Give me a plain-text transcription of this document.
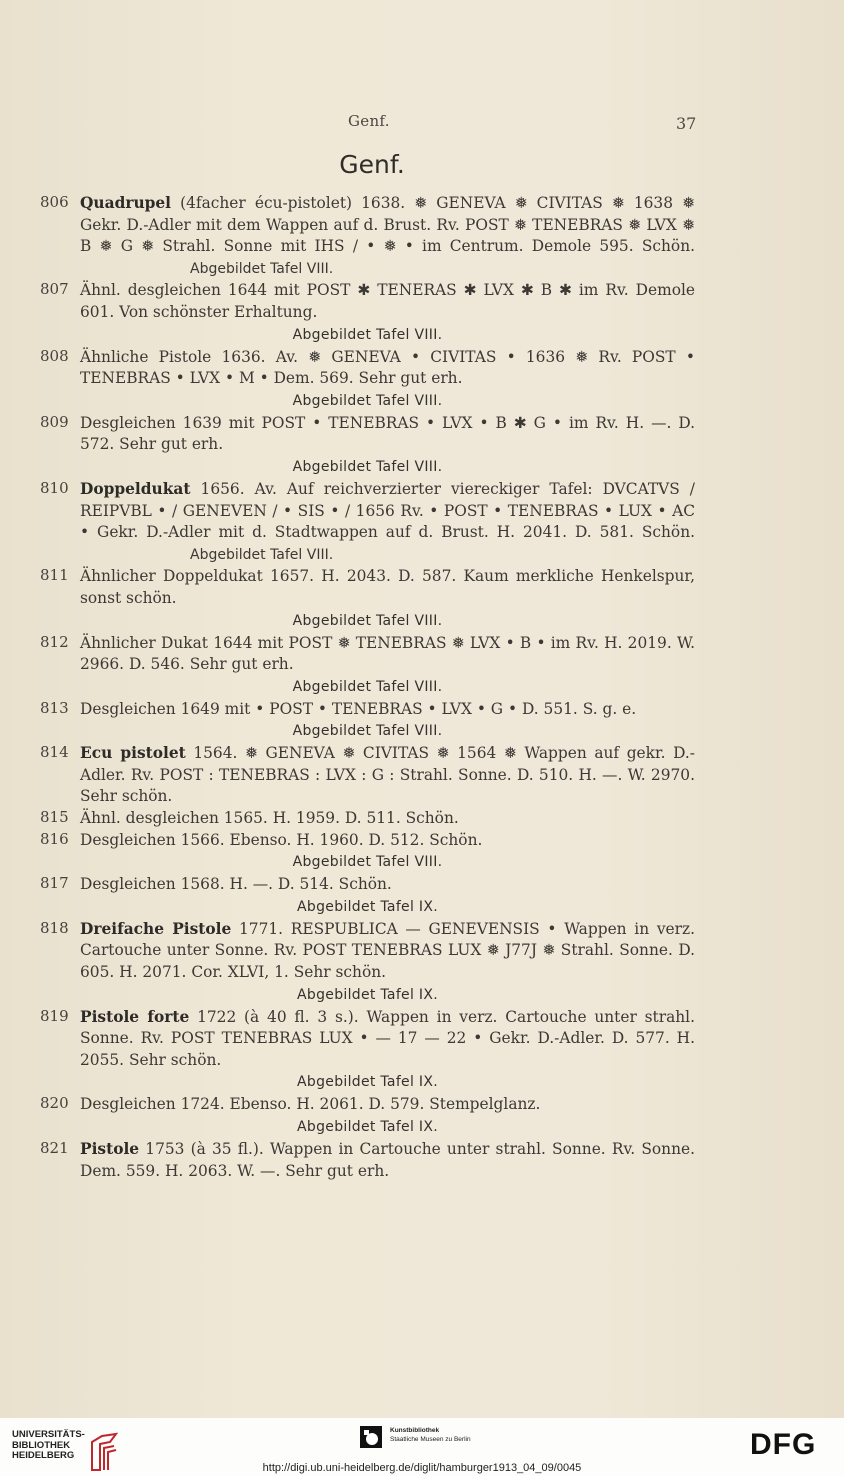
Genf.	37
Genf.
806 Quadrupel (4facher écu-pistolet) 1638. ❅ GENEVA ❅ CIVITAS ❅ 1638 ❅ Gekr. D.-Adler mit dem Wappen auf d. Brust. Rv. POST ❅ TENEBRAS ❅ LVX ❅ B ❅ G ❅ Strahl. Sonne mit IHS / • ❅ • im Centrum. Demole 595. Schön. Abgebildet Tafel VIII.
807 Ähnl. desgleichen 1644 mit POST ✱ TENERAS ✱ LVX ✱ B ✱ im Rv. Demole 601. Von schönster Erhaltung.
Abgebildet Tafel VIII.
808 Ähnliche Pistole 1636. Av. ❅ GENEVA • CIVITAS • 1636 ❅ Rv. POST • TENEBRAS • LVX • M • Dem. 569. Sehr gut erh.
Abgebildet Tafel VIII.
809 Desgleichen 1639 mit POST • TENEBRAS • LVX • B ✱ G • im Rv. H. —. D. 572. Sehr gut erh.
Abgebildet Tafel VIII.
810 Doppeldukat 1656. Av. Auf reichverzierter viereckiger Tafel: DVCATVS / REIPVBL • / GENEVEN / • SIS • / 1656 Rv. • POST • TENEBRAS • LUX • AC • Gekr. D.-Adler mit d. Stadtwappen auf d. Brust. H. 2041. D. 581. Schön. Abgebildet Tafel VIII.
811 Ähnlicher Doppeldukat 1657. H. 2043. D. 587. Kaum merkliche Henkelspur, sonst schön.
Abgebildet Tafel VIII.
812 Ähnlicher Dukat 1644 mit POST ❅ TENEBRAS ❅ LVX • B • im Rv. H. 2019. W. 2966. D. 546. Sehr gut erh.
Abgebildet Tafel VIII.
813 Desgleichen 1649 mit • POST • TENEBRAS • LVX • G • D. 551. S. g. e.
Abgebildet Tafel VIII.
814 Ecu pistolet 1564. ❅ GENEVA ❅ CIVITAS ❅ 1564 ❅ Wappen auf gekr. D.-Adler. Rv. POST : TENEBRAS : LVX : G : Strahl. Sonne. D. 510. H. —. W. 2970. Sehr schön.
815 Ähnl. desgleichen 1565. H. 1959. D. 511. Schön.
816 Desgleichen 1566. Ebenso. H. 1960. D. 512. Schön.
Abgebildet Tafel VIII.
817 Desgleichen 1568. H. —. D. 514. Schön.
Abgebildet Tafel IX.
818 Dreifache Pistole 1771. RESPUBLICA — GENEVENSIS • Wappen in verz. Cartouche unter Sonne. Rv. POST TENEBRAS LUX ❅ J77J ❅ Strahl. Sonne. D. 605. H. 2071. Cor. XLVI, 1. Sehr schön.
Abgebildet Tafel IX.
819 Pistole forte 1722 (à 40 fl. 3 s.). Wappen in verz. Cartouche unter strahl. Sonne. Rv. POST TENEBRAS LUX • — 17 — 22 • Gekr. D.-Adler. D. 577. H. 2055. Sehr schön.
Abgebildet Tafel IX.
820 Desgleichen 1724. Ebenso. H. 2061. D. 579. Stempelglanz.
Abgebildet Tafel IX.
821 Pistole 1753 (à 35 fl.). Wappen in Cartouche unter strahl. Sonne. Rv. Sonne. Dem. 559. H. 2063. W. —. Sehr gut erh.
UNIVERSITÄTS-
BIBLIOTHEK
HEIDELBERG
Kunstbibliothek
Staatliche Museen zu Berlin	DFG
http://digi.ub.uni-heidelberg.de/diglit/hamburger1913_04_09/0045
